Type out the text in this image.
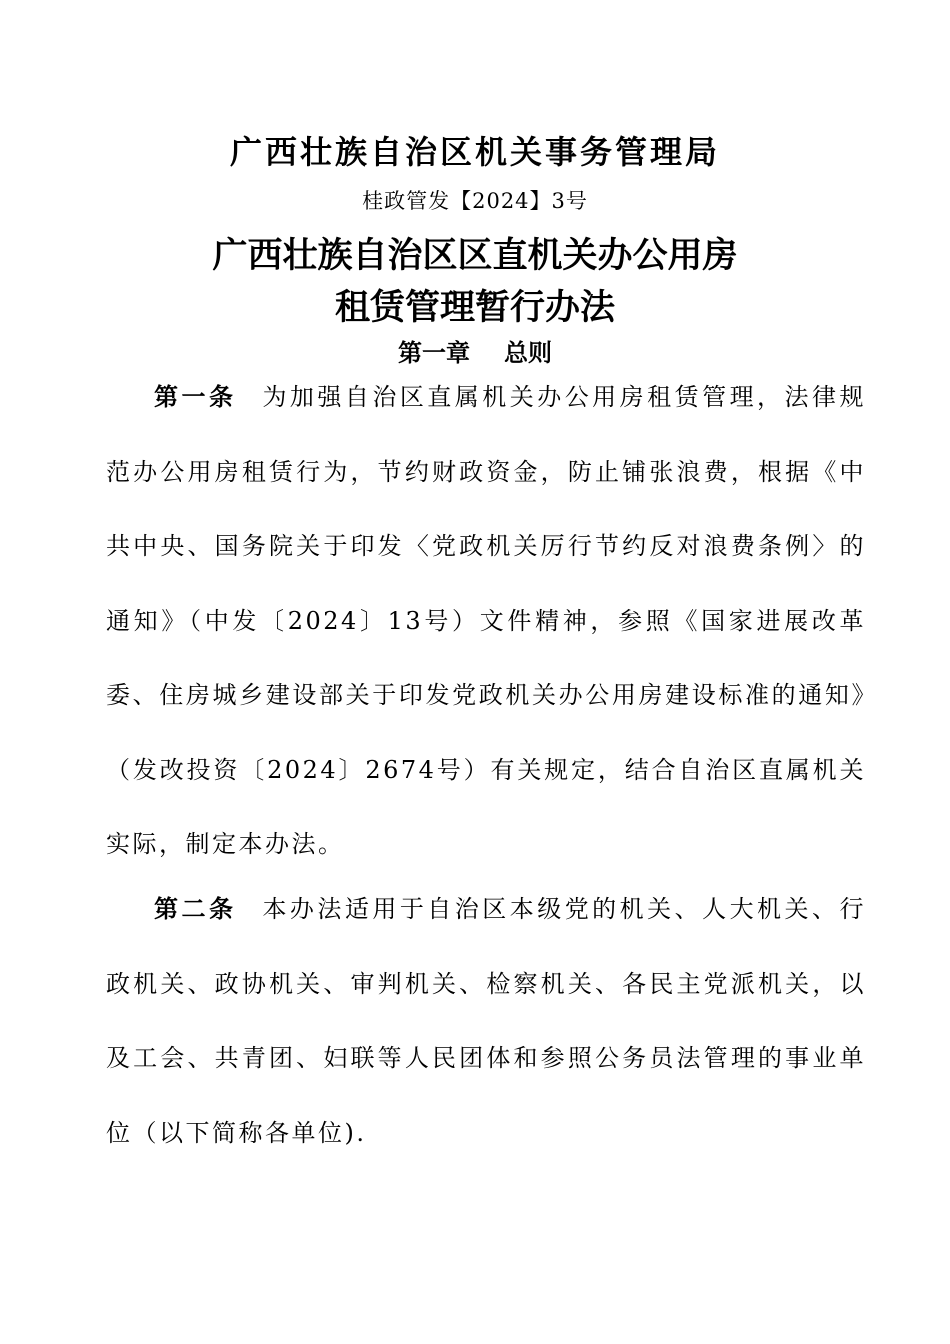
广西壮族自治区机关事务管理局
桂政管发【2024】3号
广西壮族自治区区直机关办公用房
租赁管理暂行办法
第一章 总则
第一条 为加强自治区直属机关办公用房租赁管理，法律规范办公用房租赁行为，节约财政资金，防止铺张浪费，根据《中共中央、国务院关于印发〈党政机关厉行节约反对浪费条例〉的通知》（中发〔2024〕13号）文件精神，参照《国家进展改革委、住房城乡建设部关于印发党政机关办公用房建设标准的通知》（发改投资〔2024〕2674号）有关规定，结合自治区直属机关实际，制定本办法。
第二条 本办法适用于自治区本级党的机关、人大机关、行政机关、政协机关、审判机关、检察机关、各民主党派机关，以及工会、共青团、妇联等人民团体和参照公务员法管理的事业单位（以下简称各单位).
